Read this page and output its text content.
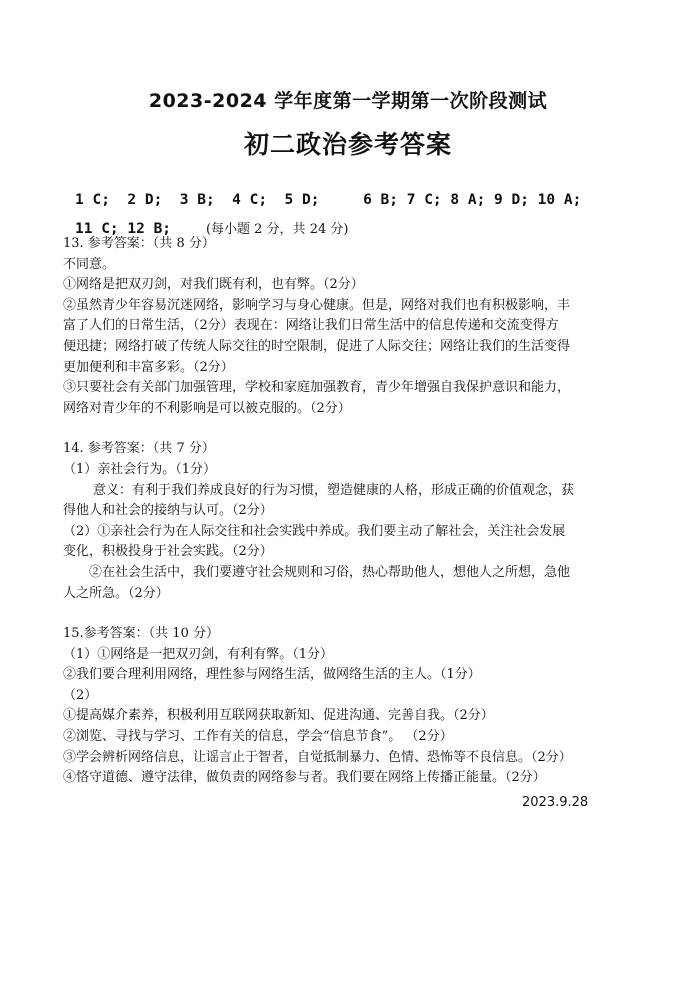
2023-2024 学年度第一学期第一次阶段测试
初二政治参考答案
1 C;  2 D;  3 B;  4 C;  5 D;     6 B; 7 C; 8 A; 9 D; 10 A;
11 C; 12 B;	(每小题 2 分，共 24 分)

13. 参考答案：（共 8 分）

不同意。

①网络是把双刃剑，对我们既有利，也有弊。（2分）

②虽然青少年容易沉迷网络，影响学习与身心健康。但是，网络对我们也有积极影响，丰

富了人们的日常生活，（2分）表现在：网络让我们日常生活中的信息传递和交流变得方

便迅捷；网络打破了传统人际交往的时空限制，促进了人际交往；网络让我们的生活变得

更加便利和丰富多彩。（2分）

③只要社会有关部门加强管理，学校和家庭加强教育，青少年增强自我保护意识和能力，

网络对青少年的不利影响是可以被克服的。（2分）

14. 参考答案：（共 7 分）

（1）亲社会行为。（1分）

意义：有利于我们养成良好的行为习惯，塑造健康的人格，形成正确的价值观念，获

得他人和社会的接纳与认可。（2分）

（2）①亲社会行为在人际交往和社会实践中养成。我们要主动了解社会，关注社会发展

变化，积极投身于社会实践。（2分）

②在社会生活中，我们要遵守社会规则和习俗，热心帮助他人，想他人之所想，急他

人之所急。（2分）

15.参考答案：（共 10 分）

（1）①网络是一把双刃剑，有利有弊。（1分）

②我们要合理利用网络，理性参与网络生活，做网络生活的主人。（1分）

（2）

①提高媒介素养，积极利用互联网获取新知、促进沟通、完善自我。（2分）

②浏览、寻找与学习、工作有关的信息，学会“信息节食”。 （2分）

③学会辨析网络信息，让谣言止于智者，自觉抵制暴力、色情、恐怖等不良信息。（2分）

④恪守道德、遵守法律，做负责的网络参与者。我们要在网络上传播正能量。（2分）

2023.9.28
